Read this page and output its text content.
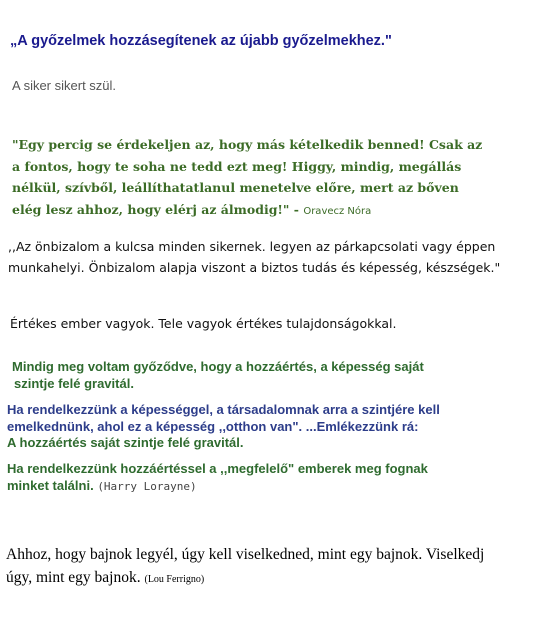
„A győzelmek hozzásegítenek az újabb győzelmekhez."
A siker sikert szül.
"Egy percig se érdekeljen az, hogy más kételkedik benned! Csak az
a fontos, hogy te soha ne tedd ezt meg! Higgy, mindig, megállás
nélkül, szívből, leállíthatatlanul menetelve előre, mert az bőven
elég lesz ahhoz, hogy elérj az álmodig!" - Oravecz Nóra
,,Az önbizalom a kulcsa minden sikernek. legyen az párkapcsolati vagy éppen
munkahelyi. Önbizalom alapja viszont a biztos tudás és képesség, készségek."
Értékes ember vagyok. Tele vagyok értékes tulajdonságokkal.
Mindig meg voltam győződve, hogy a hozzáértés, a képesség saját
szintje felé gravitál.
Ha rendelkezzünk a képességgel, a társadalomnak arra a szintjére kell
emelkednünk, ahol ez a képesség ,,otthon van". ...Emlékezzünk rá:
A hozzáértés saját szintje felé gravitál.
Ha rendelkezzünk hozzáértéssel a ,,megfelelő" emberek meg fognak
minket találni. (Harry Lorayne)
Ahhoz, hogy bajnok legyél, úgy kell viselkedned, mint egy bajnok. Viselkedj
úgy, mint egy bajnok. (Lou Ferrigno)
